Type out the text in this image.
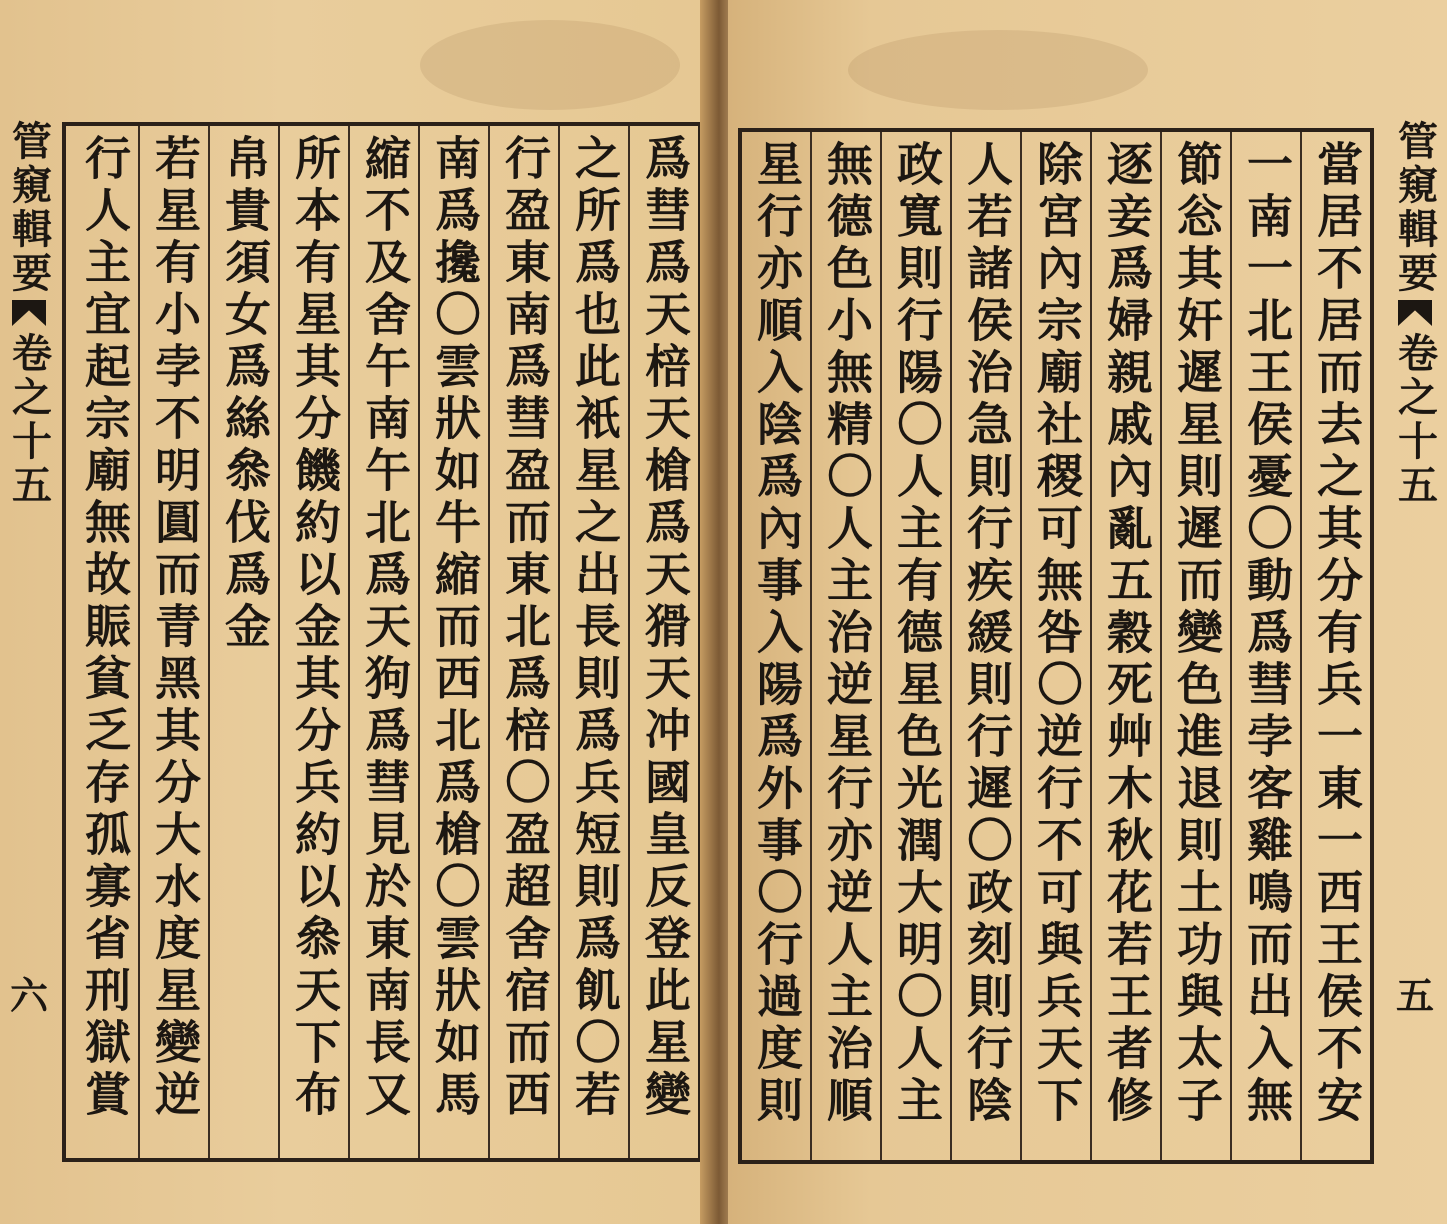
管窺輯要
卷之十五
六
管窺輯要
卷之十五
五
爲彗爲天棓天槍爲天猾天冲國皇反登此星變
之所爲也此衹星之出長則爲兵短則爲飢〇若
行盈東南爲彗盈而東北爲棓〇盈超舍宿而西
南爲攙〇雲狀如牛縮而西北爲槍〇雲狀如馬
縮不及舍午南午北爲天狗爲彗見於東南長又
所本有星其分饑約以金其分兵約以叅天下布
帛貴須女爲絲叅伐爲金
若星有小孛不明圓而青黑其分大水度星變逆
行人主宜起宗廟無故賑貧乏存孤寡省刑獄賞	當居不居而去之其分有兵一東一西王侯不安
一南一北王侯憂〇動爲彗孛客雞鳴而出入無
節忩其奸遲星則遲而變色進退則土功與太子
逐妾爲婦親戚內亂五穀死艸木秋花若王者修
除宮內宗廟社稷可無咎〇逆行不可與兵天下
人若諸侯治急則行疾緩則行遲〇政刻則行陰
政寬則行陽〇人主有德星色光潤大明〇人主
無德色小無精〇人主治逆星行亦逆人主治順
星行亦順入陰爲內事入陽爲外事〇行過度則
